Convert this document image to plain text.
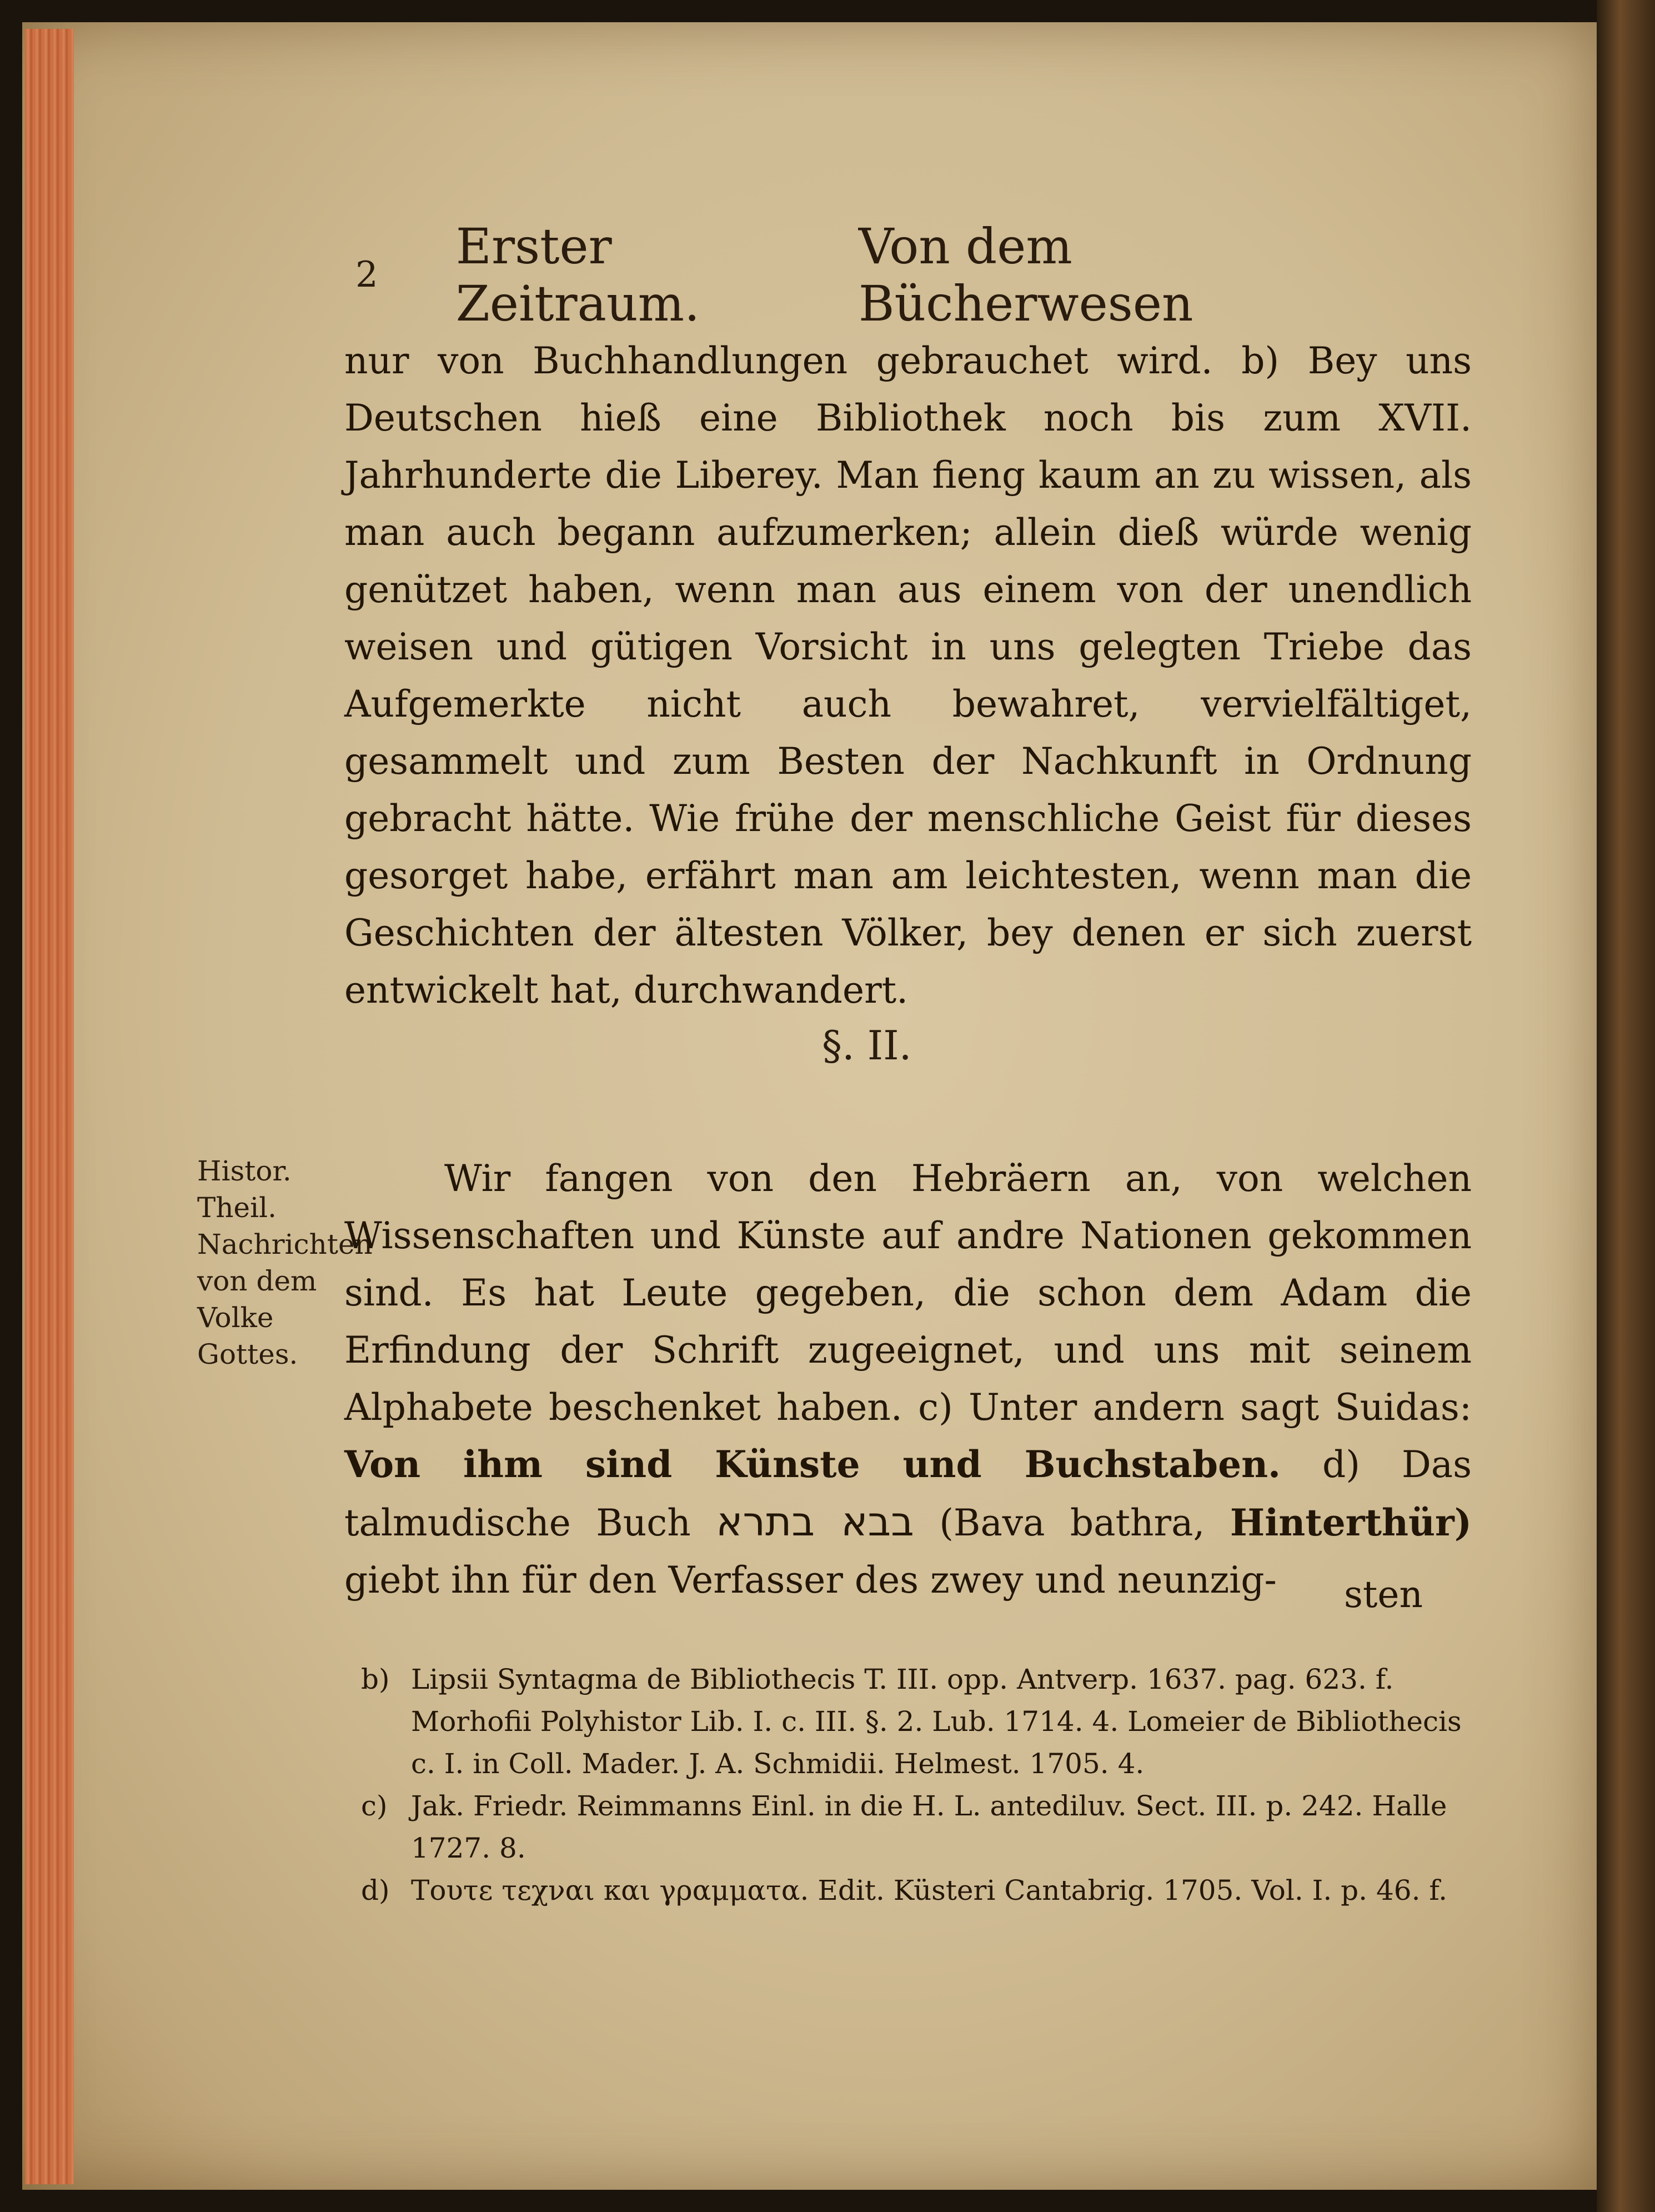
2 Erster Zeitraum.
Von dem Bücherwesen
nur von Buchhandlungen gebrauchet wird. b) Bey uns Deutschen hieß eine Bibliothek noch bis zum XVII. Jahrhunderte die Liberey. Man fieng kaum an zu wissen, als man auch begann aufzumerken; allein dieß würde wenig genützet haben, wenn man aus einem von der unendlich weisen und gütigen Vorsicht in uns gelegten Triebe das Aufgemerkte nicht auch bewahret, vervielfältiget, gesammelt und zum Besten der Nachkunft in Ordnung gebracht hätte. Wie frühe der menschliche Geist für dieses gesorget habe, erfährt man am leichtesten, wenn man die Geschichten der ältesten Völker, bey denen er sich zuerst entwickelt hat, durchwandert.
§. II.
Histor.
Theil.
Nachrichten von dem Volke Gottes.
Wir fangen von den Hebräern an, von welchen Wissenschaften und Künste auf andre Nationen gekommen sind. Es hat Leute gegeben, die schon dem Adam die Erfindung der Schrift zugeeignet, und uns mit seinem Alphabete beschenket haben. c) Unter andern sagt Suidas: Von ihm sind Künste und Buchstaben. d) Das talmudische Buch בבא בתרא (Bava bathra, Hinterthür) giebt ihn für den Verfasser des zwey und neunzig-	sten
b) Lipsii Syntagma de Bibliothecis T. III. opp. Antverp. 1637. pag. 623. f. Morhofii Polyhistor Lib. I. c. III. §. 2. Lub. 1714. 4. Lomeier de Bibliothecis c. I. in Coll. Mader. J. A. Schmidii. Helmest. 1705. 4.
c) Jak. Friedr. Reimmanns Einl. in die H. L. antediluv. Sect. III. p. 242. Halle 1727. 8.
d) Τουτε τεχναι και γραμματα. Edit. Küsteri Cantabrig. 1705. Vol. I. p. 46. f.
